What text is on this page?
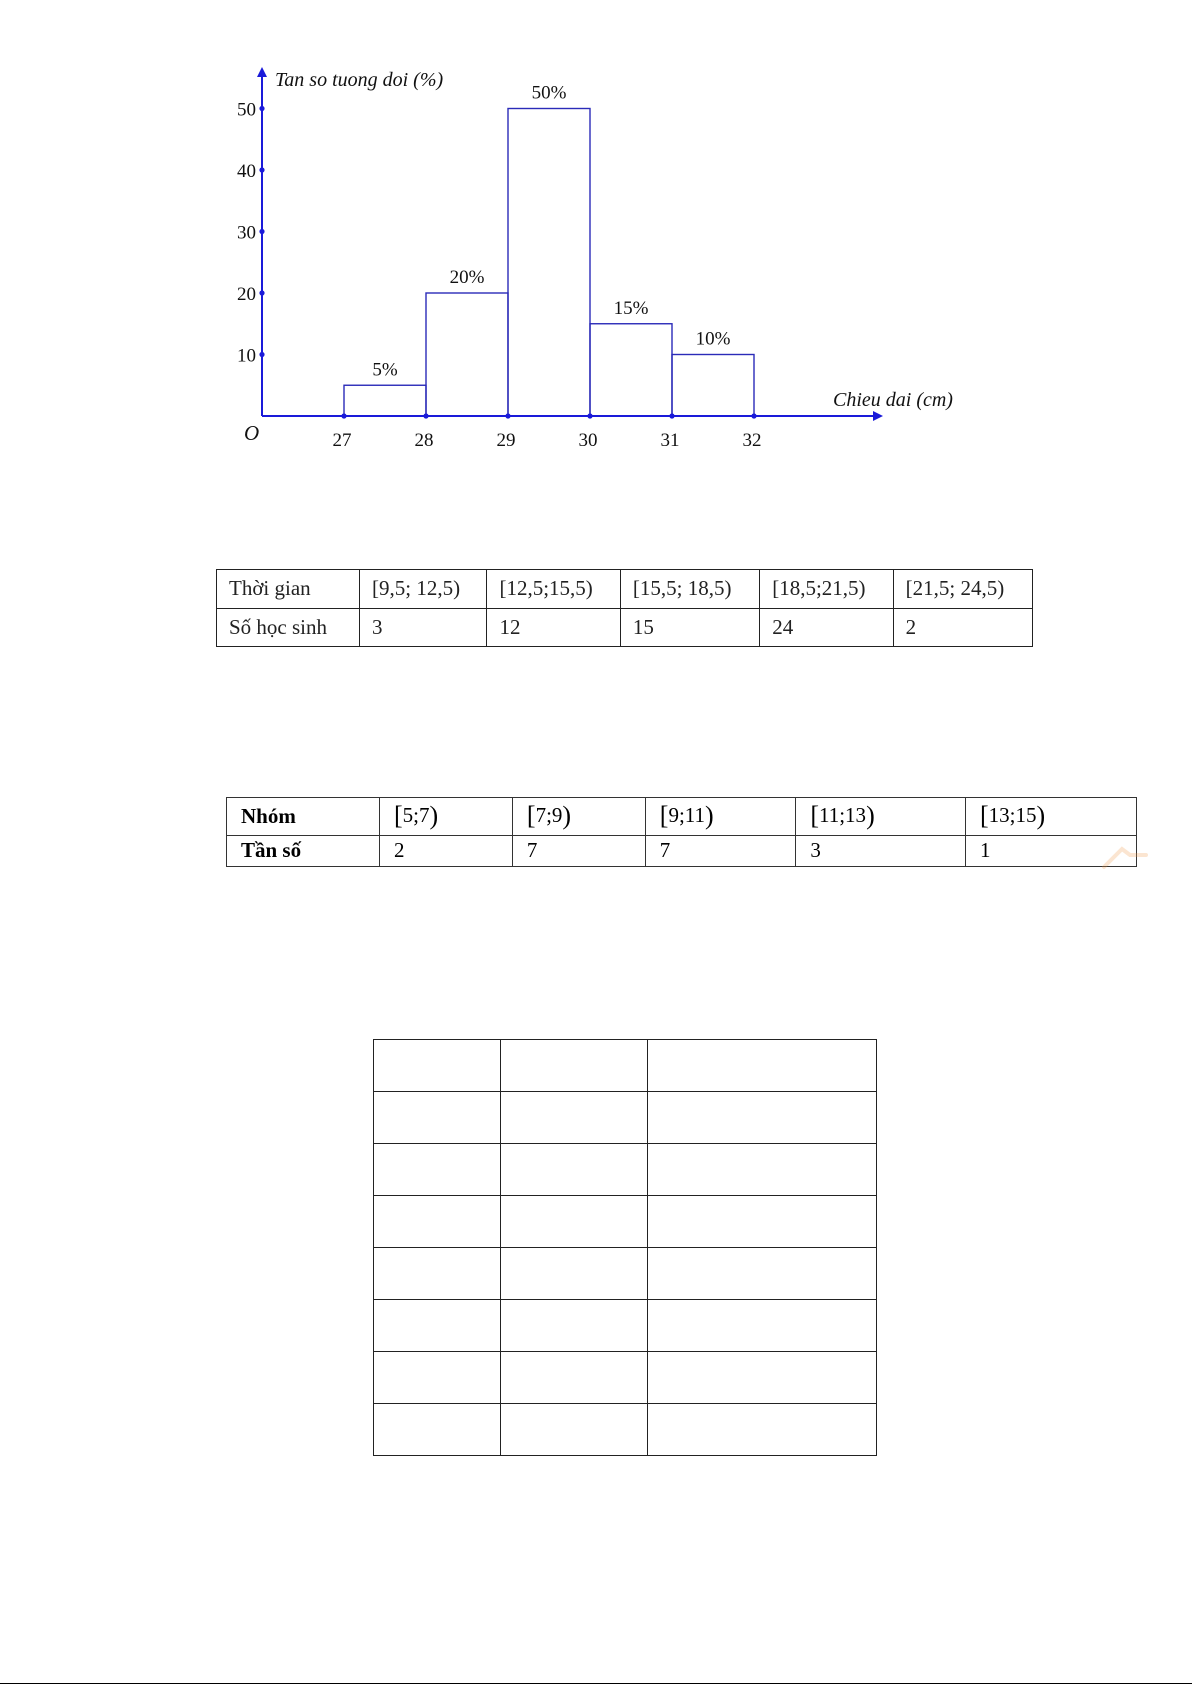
5%
20%
50%
15%
10%
10
20
30
40
50
27	28	29	30	31	32
Tan so tuong doi (%)
Chieu dai (cm)
O
Thời gian	[9,5; 12,5)	[12,5;15,5)	[15,5; 18,5)	[18,5;21,5)	[21,5; 24,5)
Số học sinh	3	12	15	24	2
Nhóm	[5;7)	[7;9)	[9;11)	[11;13)	[13;15)
Tần số	2	7	7	3	1
